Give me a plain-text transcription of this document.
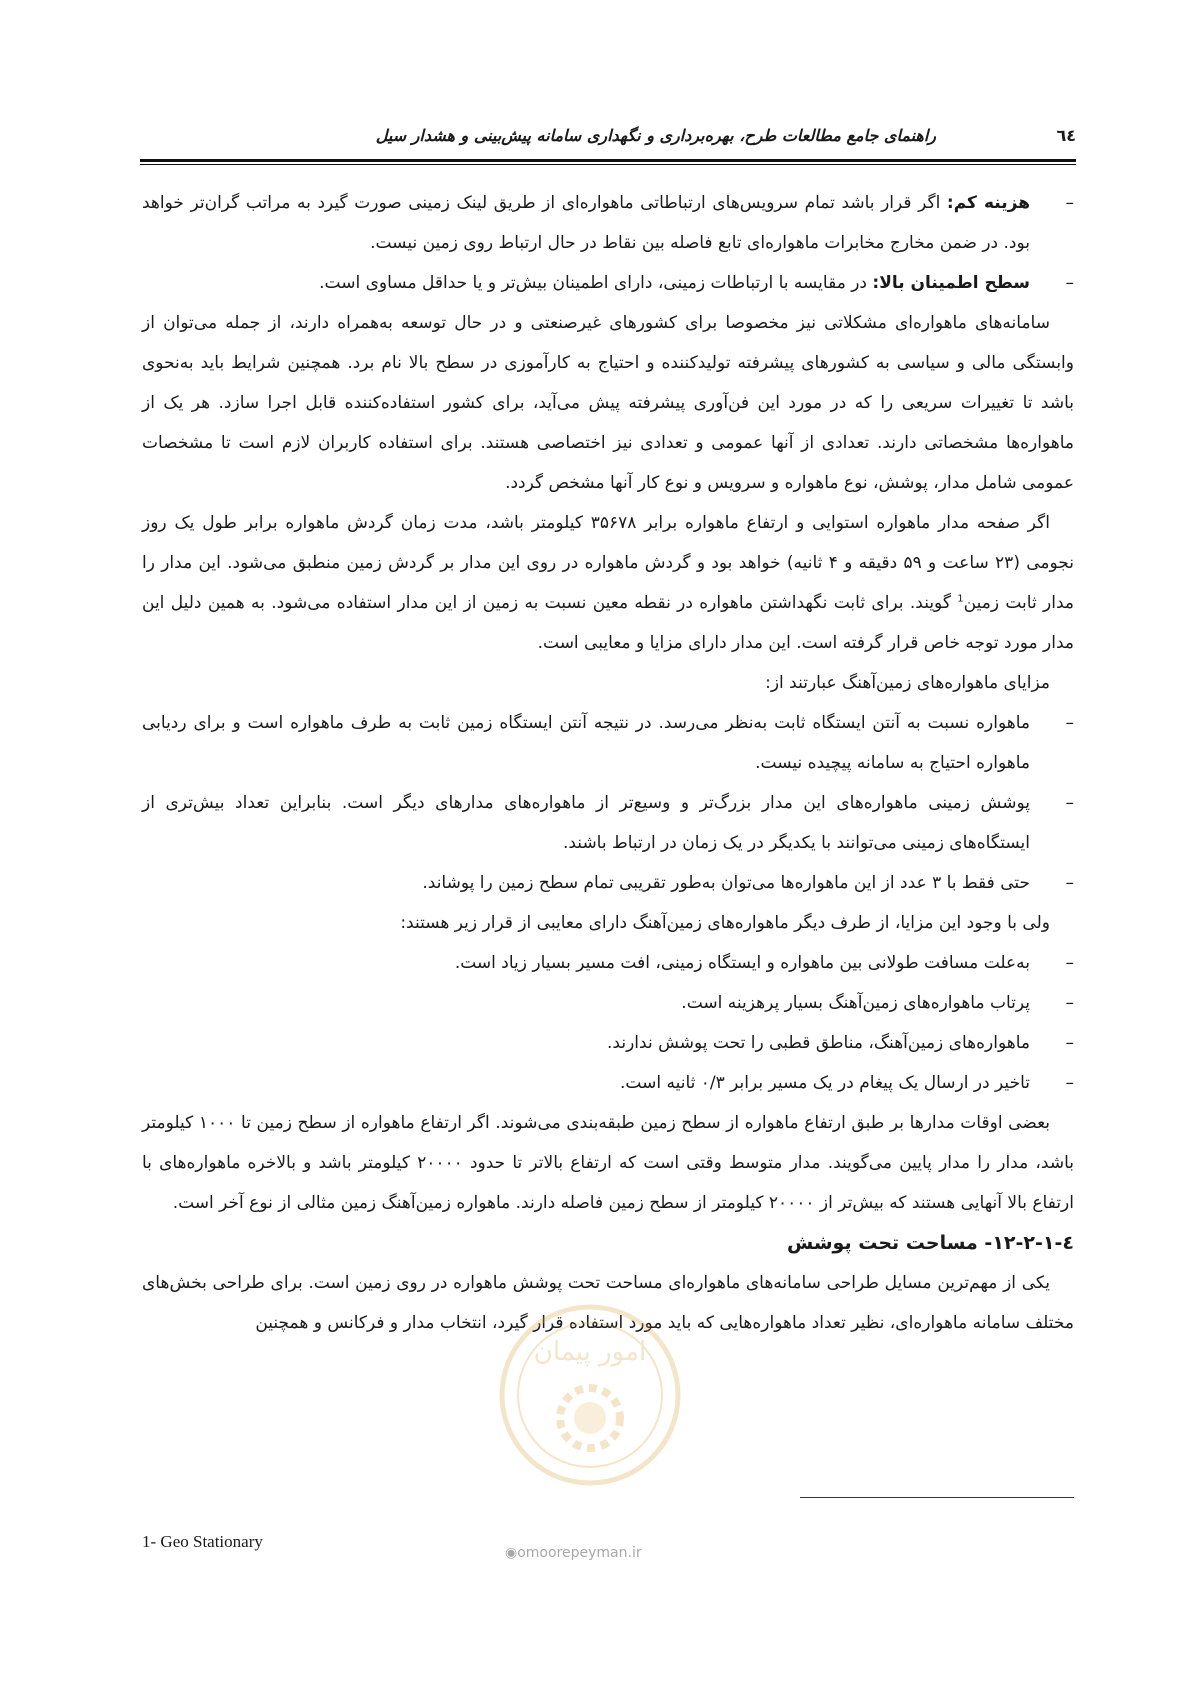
راهنمای جامع مطالعات طرح، بهره‌برداری و نگهداری سامانه پیش‌بینی و هشدار سیل	٦٤

–
هزینه کم: اگر قرار باشد تمام سرویس‌های ارتباطاتی ماهواره‌ای از طریق لینک زمینی صورت گیرد به مراتب گران‌تر خواهد بود. در ضمن مخارج مخابرات ماهواره‌ای تابع فاصله بین نقاط در حال ارتباط روی زمین نیست.

–
سطح اطمینان بالا: در مقایسه با ارتباطات زمینی، دارای اطمینان بیش‌تر و یا حداقل مساوی است.

سامانه‌های ماهواره‌ای مشکلاتی نیز مخصوصا برای کشورهای غیرصنعتی و در حال توسعه به‌همراه دارند، از جمله می‌توان از وابستگی مالی و سیاسی به کشورهای پیشرفته تولیدکننده و احتیاج به کارآموزی در سطح بالا نام برد. همچنین شرایط باید به‌نحوی باشد تا تغییرات سریعی را که در مورد این فن‌آوری پیشرفته پیش می‌آید، برای کشور استفاده‌کننده قابل اجرا سازد. هر یک از ماهواره‌ها مشخصاتی دارند. تعدادی از آنها عمومی و تعدادی نیز اختصاصی هستند. برای استفاده کاربران لازم است تا مشخصات عمومی شامل مدار، پوشش، نوع ماهواره و سرویس و نوع کار آنها مشخص گردد.

اگر صفحه مدار ماهواره استوایی و ارتفاع ماهواره برابر ۳۵۶۷۸ کیلومتر باشد، مدت زمان گردش ماهواره برابر طول یک روز نجومی (۲۳ ساعت و ۵۹ دقیقه و ۴ ثانیه) خواهد بود و گردش ماهواره در روی این مدار بر گردش زمین منطبق می‌شود. این مدار را مدار ثابت زمین$^1$ گویند. برای ثابت نگهداشتن ماهواره در نقطه معین نسبت به زمین از این مدار استفاده می‌شود. به همین دلیل این مدار مورد توجه خاص قرار گرفته است. این مدار دارای مزایا و معایبی است.

مزایای ماهواره‌های زمین‌آهنگ عبارتند از:

–
ماهواره نسبت به آنتن ایستگاه ثابت به‌نظر می‌رسد. در نتیجه آنتن ایستگاه زمین ثابت به طرف ماهواره است و برای ردیابی ماهواره احتیاج به سامانه پیچیده نیست.

–
پوشش زمینی ماهواره‌های این مدار بزرگ‌تر و وسیع‌تر از ماهواره‌های مدارهای دیگر است. بنابراین تعداد بیش‌تری از ایستگاه‌های زمینی می‌توانند با یکدیگر در یک زمان در ارتباط باشند.

–
حتی فقط با ۳ عدد از این ماهواره‌ها می‌توان به‌طور تقریبی تمام سطح زمین را پوشاند.

ولی با وجود این مزایا، از طرف دیگر ماهواره‌های زمین‌آهنگ دارای معایبی از قرار زیر هستند:

–
به‌علت مسافت طولانی بین ماهواره و ایستگاه زمینی، افت مسیر بسیار زیاد است.

–
پرتاب ماهواره‌های زمین‌آهنگ بسیار پرهزینه است.

–
ماهواره‌های زمین‌آهنگ، مناطق قطبی را تحت پوشش ندارند.

–
تاخیر در ارسال یک پیغام در یک مسیر برابر ۰/۳ ثانیه است.

بعضی اوقات مدارها بر طبق ارتفاع ماهواره از سطح زمین طبقه‌بندی می‌شوند. اگر ارتفاع ماهواره از سطح زمین تا ۱۰۰۰ کیلومتر باشد، مدار را مدار پایین می‌گویند. مدار متوسط وقتی است که ارتفاع بالاتر تا حدود ۲۰۰۰۰ کیلومتر باشد و بالاخره ماهواره‌های با ارتفاع بالا آنهایی هستند که بیش‌تر از ۲۰۰۰۰ کیلومتر از سطح زمین فاصله دارند. ماهواره زمین‌آهنگ زمین مثالی از نوع آخر است.

٤-۱۲-۲-۱- مساحت تحت پوشش

یکی از مهم‌ترین مسایل طراحی سامانه‌های ماهواره‌ای مساحت تحت پوشش ماهواره در روی زمین است. برای طراحی بخش‌های مختلف سامانه ماهواره‌ای، نظیر تعداد ماهواره‌هایی که باید مورد استفاده قرار گیرد، انتخاب مدار و فرکانس و همچنین

1- Geo Stationary
امور پیمان
◉omoorepeyman.ir
